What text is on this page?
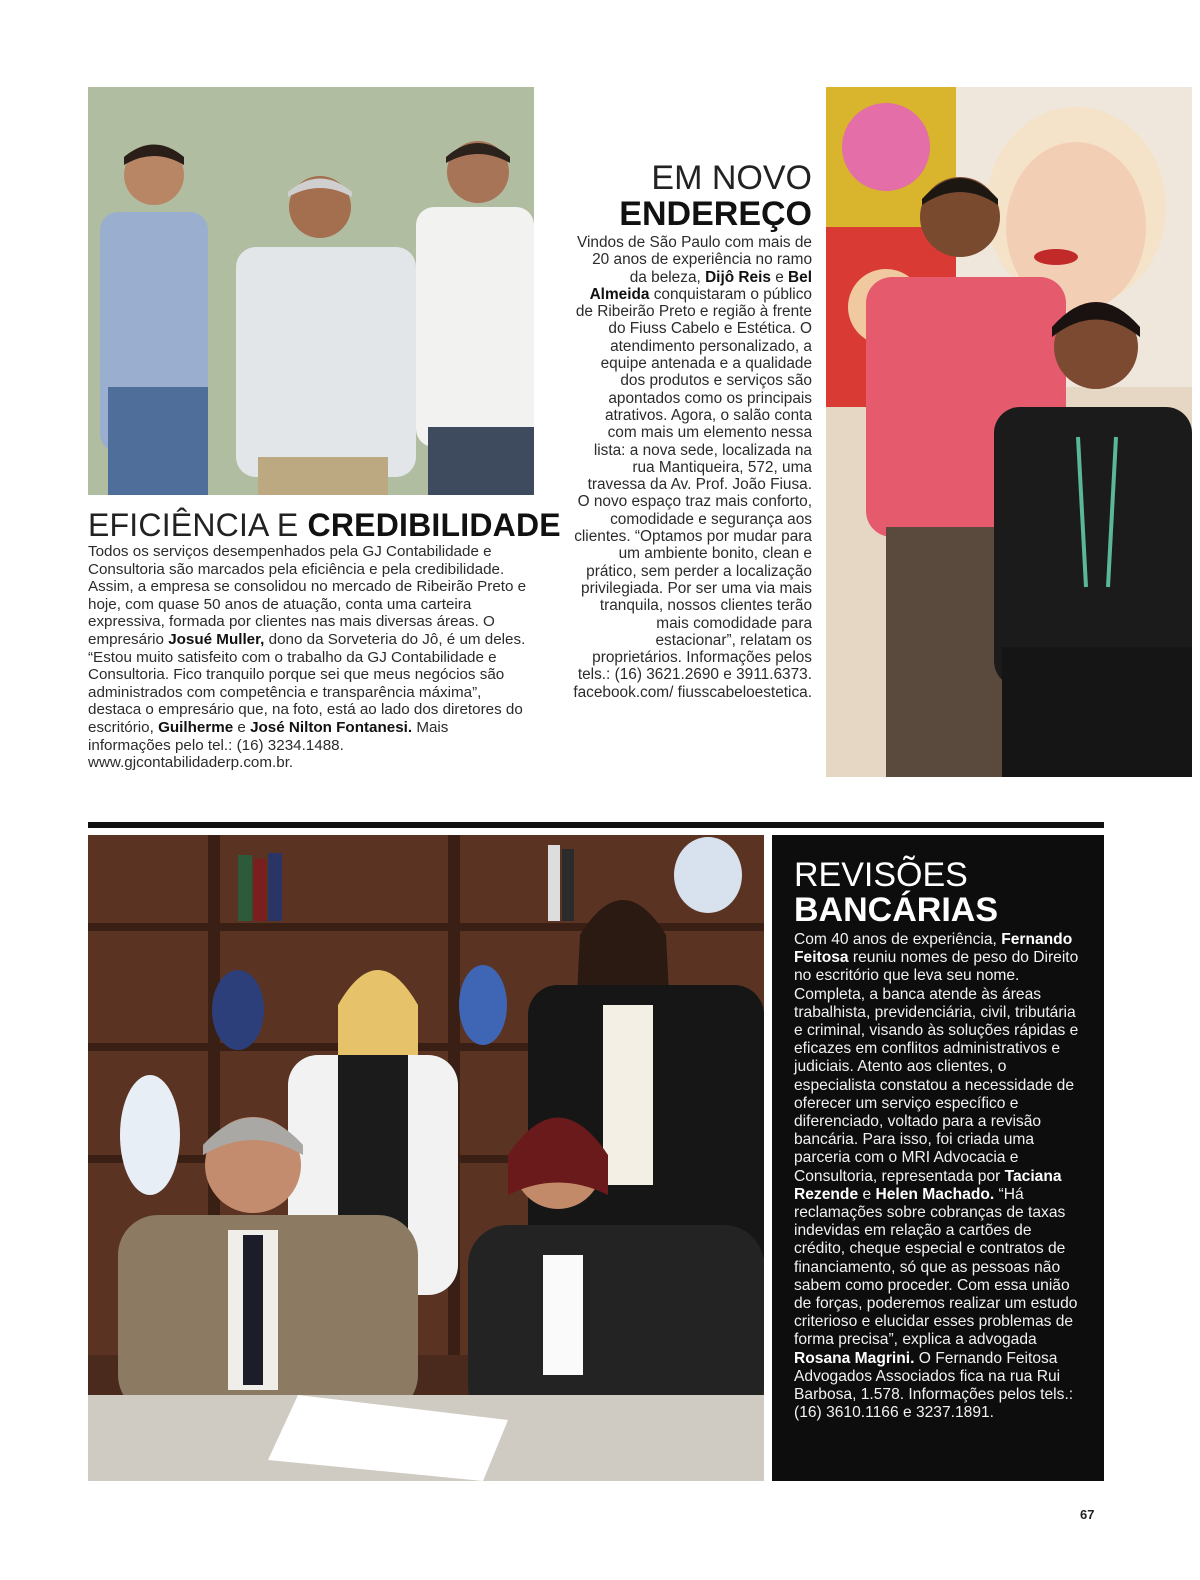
EFICIÊNCIA E CREDIBILIDADE
Todos os serviços desempenhados pela GJ Contabilidade e Consultoria são marcados pela eficiência e pela credibilidade. Assim, a empresa se consolidou no mercado de Ribeirão Preto e hoje, com quase 50 anos de atuação, conta uma carteira expressiva, formada por clientes nas mais diversas áreas. O empresário Josué Muller, dono da Sorveteria do Jô, é um deles. “Estou muito satisfeito com o trabalho da GJ Contabilidade e Consultoria. Fico tranquilo porque sei que meus negócios são administrados com competência e transparência máxima”, destaca o empresário que, na foto, está ao lado dos diretores do escritório, Guilherme e José Nilton Fontanesi. Mais informações pelo tel.: (16) 3234.1488. www.gjcontabilidaderp.com.br.
EM NOVO
ENDEREÇO
Vindos de São Paulo com mais de 20 anos de experiência no ramo da beleza, Dijô Reis e Bel Almeida conquistaram o público de Ribeirão Preto e região à frente do Fiuss Cabelo e Estética. O atendimento personalizado, a equipe antenada e a qualidade dos produtos e serviços são apontados como os principais atrativos. Agora, o salão conta com mais um elemento nessa lista: a nova sede, localizada na rua Mantiqueira, 572, uma travessa da Av. Prof. João Fiusa. O novo espaço traz mais conforto, comodidade e segurança aos clientes. “Optamos por mudar para um ambiente bonito, clean e prático, sem perder a localização privilegiada. Por ser uma via mais tranquila, nossos clientes terão mais comodidade para estacionar”, relatam os proprietários. Informações pelos tels.: (16) 3621.2690 e 3911.6373. facebook.com/ fiusscabeloestetica.
REVISÕES
BANCÁRIAS
Com 40 anos de experiência, Fernando Feitosa reuniu nomes de peso do Direito no escritório que leva seu nome. Completa, a banca atende às áreas trabalhista, previdenciária, civil, tributária e criminal, visando às soluções rápidas e eficazes em conflitos administrativos e judiciais. Atento aos clientes, o especialista constatou a necessidade de oferecer um serviço específico e diferenciado, voltado para a revisão bancária. Para isso, foi criada uma parceria com o MRI Advocacia e Consultoria, representada por Taciana Rezende e Helen Machado. “Há reclamações sobre cobranças de taxas indevidas em relação a cartões de crédito, cheque especial e contratos de financiamento, só que as pessoas não sabem como proceder. Com essa união de forças, poderemos realizar um estudo criterioso e elucidar esses problemas de forma precisa”, explica a advogada Rosana Magrini. O Fernando Feitosa Advogados Associados fica na rua Rui Barbosa, 1.578. Informações pelos tels.: (16) 3610.1166 e 3237.1891.
67
